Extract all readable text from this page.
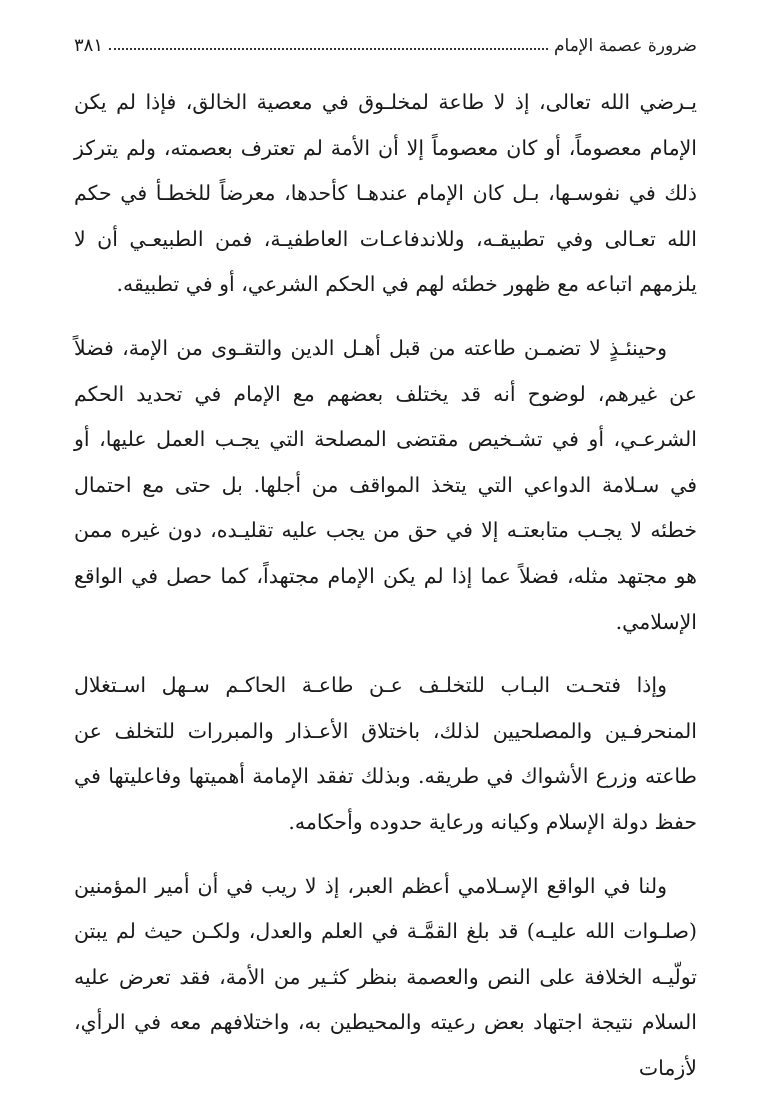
ضرورة عصمة الإمام
٣٨١

يـرضي الله تعالى، إذ لا طاعة لمخلـوق في معصية الخالق، فإذا لم يكن الإمام معصوماً، أو كان معصوماً إلا أن الأمة لم تعترف بعصمته، ولم يتركز ذلك في نفوسـها، بـل كان الإمام عندهـا كأحدها، معرضاً للخطـأ في حكم الله تعـالى وفي تطبيقـه، وللاندفاعـات العاطفيـة، فمن الطبيعـي أن لا يلزمهم اتباعه مع ظهور خطئه لهم في الحكم الشرعي، أو في تطبيقه.

وحينئـذٍ لا تضمـن طاعته من قبل أهـل الدين والتقـوى من الإمة، فضلاً عن غيرهم، لوضوح أنه قد يختلف بعضهم مع الإمام في تحديد الحكم الشرعـي، أو في تشـخيص مقتضى المصلحة التي يجـب العمل عليها، أو في سـلامة الدواعي التي يتخذ المواقف من أجلها. بل حتى مع احتمال خطئه لا يجـب متابعتـه إلا في حق من يجب عليه تقليـده، دون غيره ممن هو مجتهد مثله، فضلاً عما إذا لم يكن الإمام مجتهداً، كما حصل في الواقع الإسلامي.

وإذا فتحـت البـاب للتخلـف عـن طاعـة الحاكـم سـهل اسـتغلال المنحرفـين والمصلحيين لذلك، باختلاق الأعـذار والمبررات للتخلف عن طاعته وزرع الأشواك في طريقه. وبذلك تفقد الإمامة أهميتها وفاعليتها في حفظ دولة الإسلام وكيانه ورعاية حدوده وأحكامه.

ولنا في الواقع الإسـلامي أعظم العبر، إذ لا ريب في أن أمير المؤمنين (صلـوات الله عليـه) قد بلغ القمَّـة في العلم والعدل، ولكـن حيث لم يبتن تولّيـه الخلافة على النص والعصمة بنظر كثـير من الأمة، فقد تعرض عليه السلام نتيجة اجتهاد بعض رعيته والمحيطين به، واختلافهم معه في الرأي، لأزمات
